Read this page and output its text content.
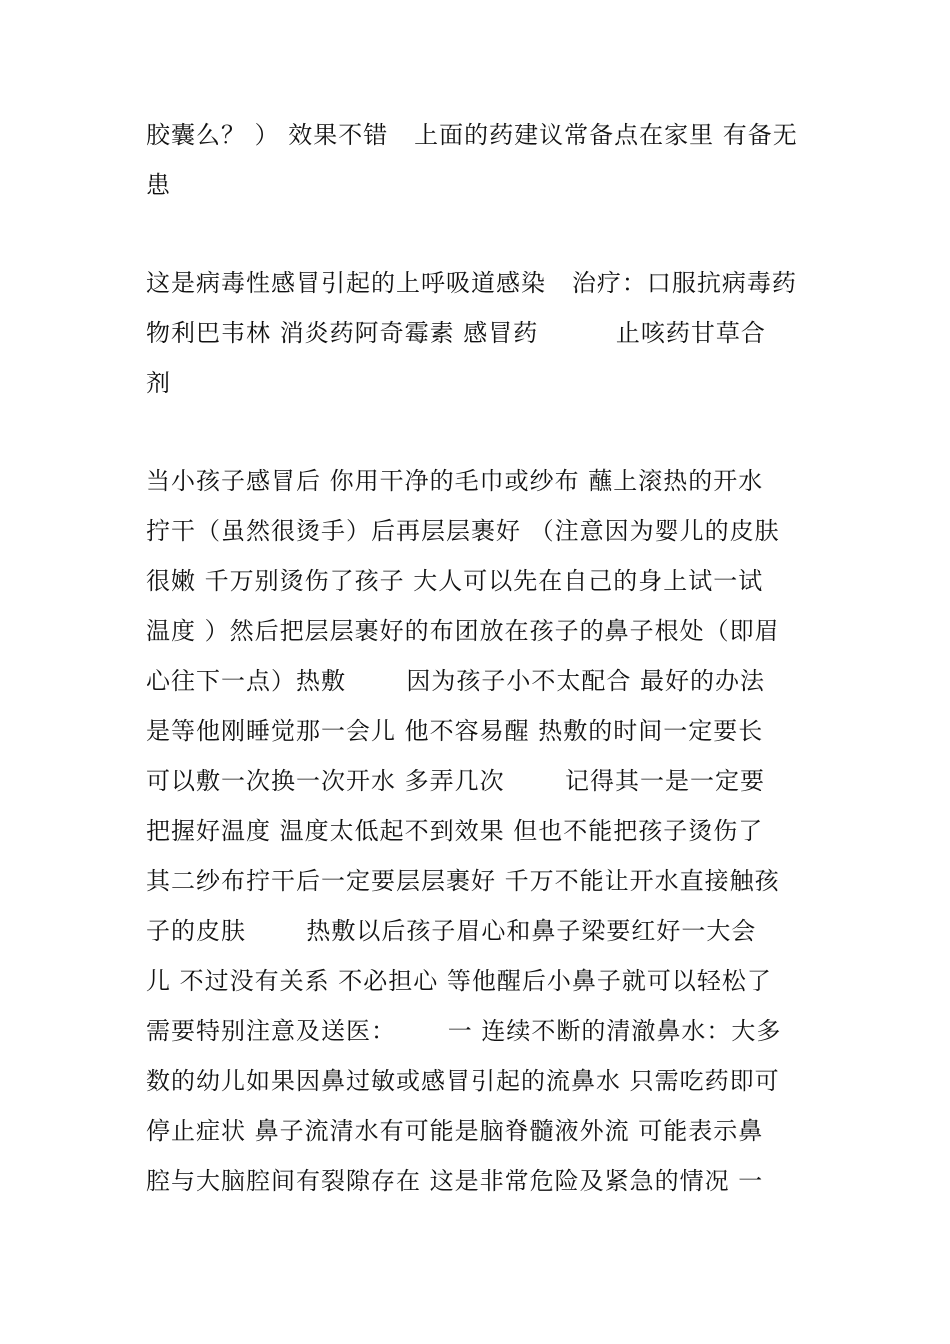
胶囊么？ ） 效果不错   上面的药建议常备点在家里 有备无
患
这是病毒性感冒引起的上呼吸道感染   治疗：口服抗病毒药
物利巴韦林 消炎药阿奇霉素 感冒药         止咳药甘草合
剂
当小孩子感冒后 你用干净的毛巾或纱布 蘸上滚热的开水
拧干（虽然很烫手）后再层层裹好 （注意因为婴儿的皮肤
很嫩 千万别烫伤了孩子 大人可以先在自己的身上试一试
温度 ）然后把层层裹好的布团放在孩子的鼻子根处（即眉
心往下一点）热敷       因为孩子小不太配合 最好的办法
是等他刚睡觉那一会儿 他不容易醒 热敷的时间一定要长
可以敷一次换一次开水 多弄几次       记得其一是一定要
把握好温度 温度太低起不到效果 但也不能把孩子烫伤了
其二纱布拧干后一定要层层裹好 千万不能让开水直接触孩
子的皮肤       热敷以后孩子眉心和鼻子梁要红好一大会
儿 不过没有关系 不必担心 等他醒后小鼻子就可以轻松了
需要特别注意及送医：      一 连续不断的清澈鼻水：大多
数的幼儿如果因鼻过敏或感冒引起的流鼻水 只需吃药即可
停止症状 鼻子流清水有可能是脑脊髓液外流 可能表示鼻
腔与大脑腔间有裂隙存在 这是非常危险及紧急的情况 一
